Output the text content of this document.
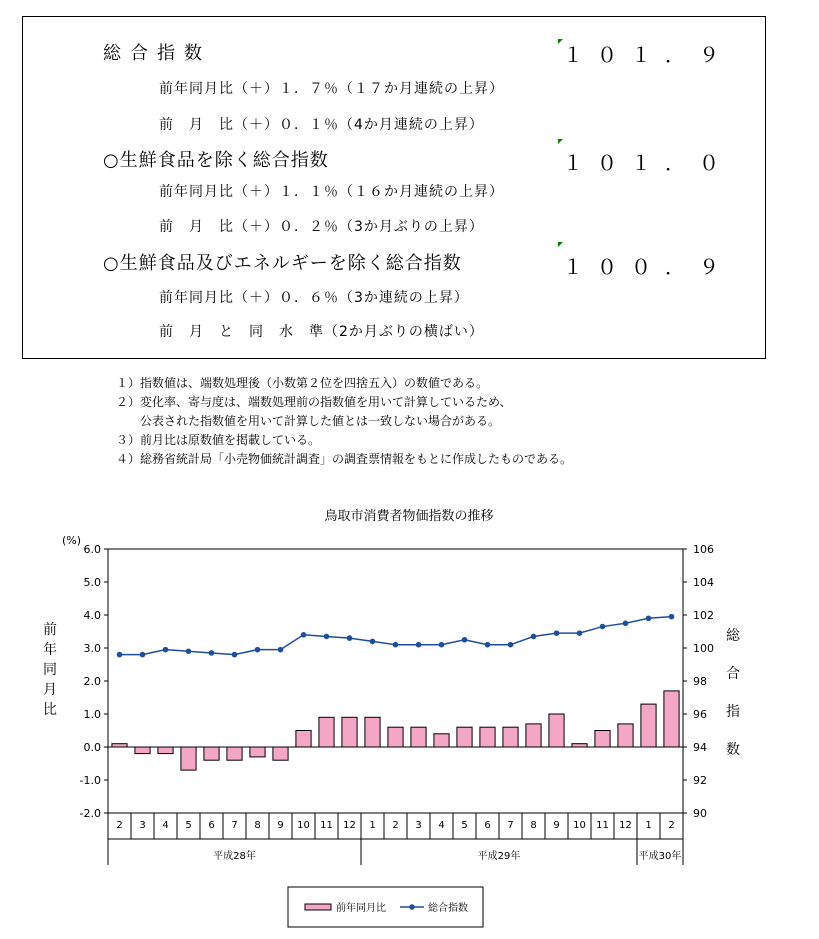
総合指数	１０１．９
前年同月比（＋）１．７％（１７か月連続の上昇）
前　月　比（＋）０．１％（4か月連続の上昇）
○生鮮食品を除く総合指数	１０１．０
前年同月比（＋）１．１％（１６か月連続の上昇）
前　月　比（＋）０．２％（3か月ぶりの上昇）
○生鮮食品及びエネルギーを除く総合指数	１００．９
前年同月比（＋）０．６％（3か連続の上昇）
前　月　と　同　水　準（2か月ぶりの横ばい）
１）指数値は、端数処理後（小数第２位を四捨五入）の数値である。
２）変化率、寄与度は、端数処理前の指数値を用いて計算しているため、
　　公表された指数値を用いて計算した値とは一致しない場合がある。
３）前月比は原数値を掲載している。
４）総務省統計局「小売物価統計調査」の調査票情報をもとに作成したものである。
鳥取市消費者物価指数の推移
6.0
5.0
4.0
3.0
2.0
1.0
0.0
-1.0
-2.0
(%)
前
年
同
月
比
106
104
102
100
98
96
94
92
90
総
合
指
数
2 3 4 5 6 7 8 9 10 11 12 1 2 3 4 5 6 7 8 9 10 11 12 1 2
平成28年	平成29年	平成30年
前年同月比	総合指数
